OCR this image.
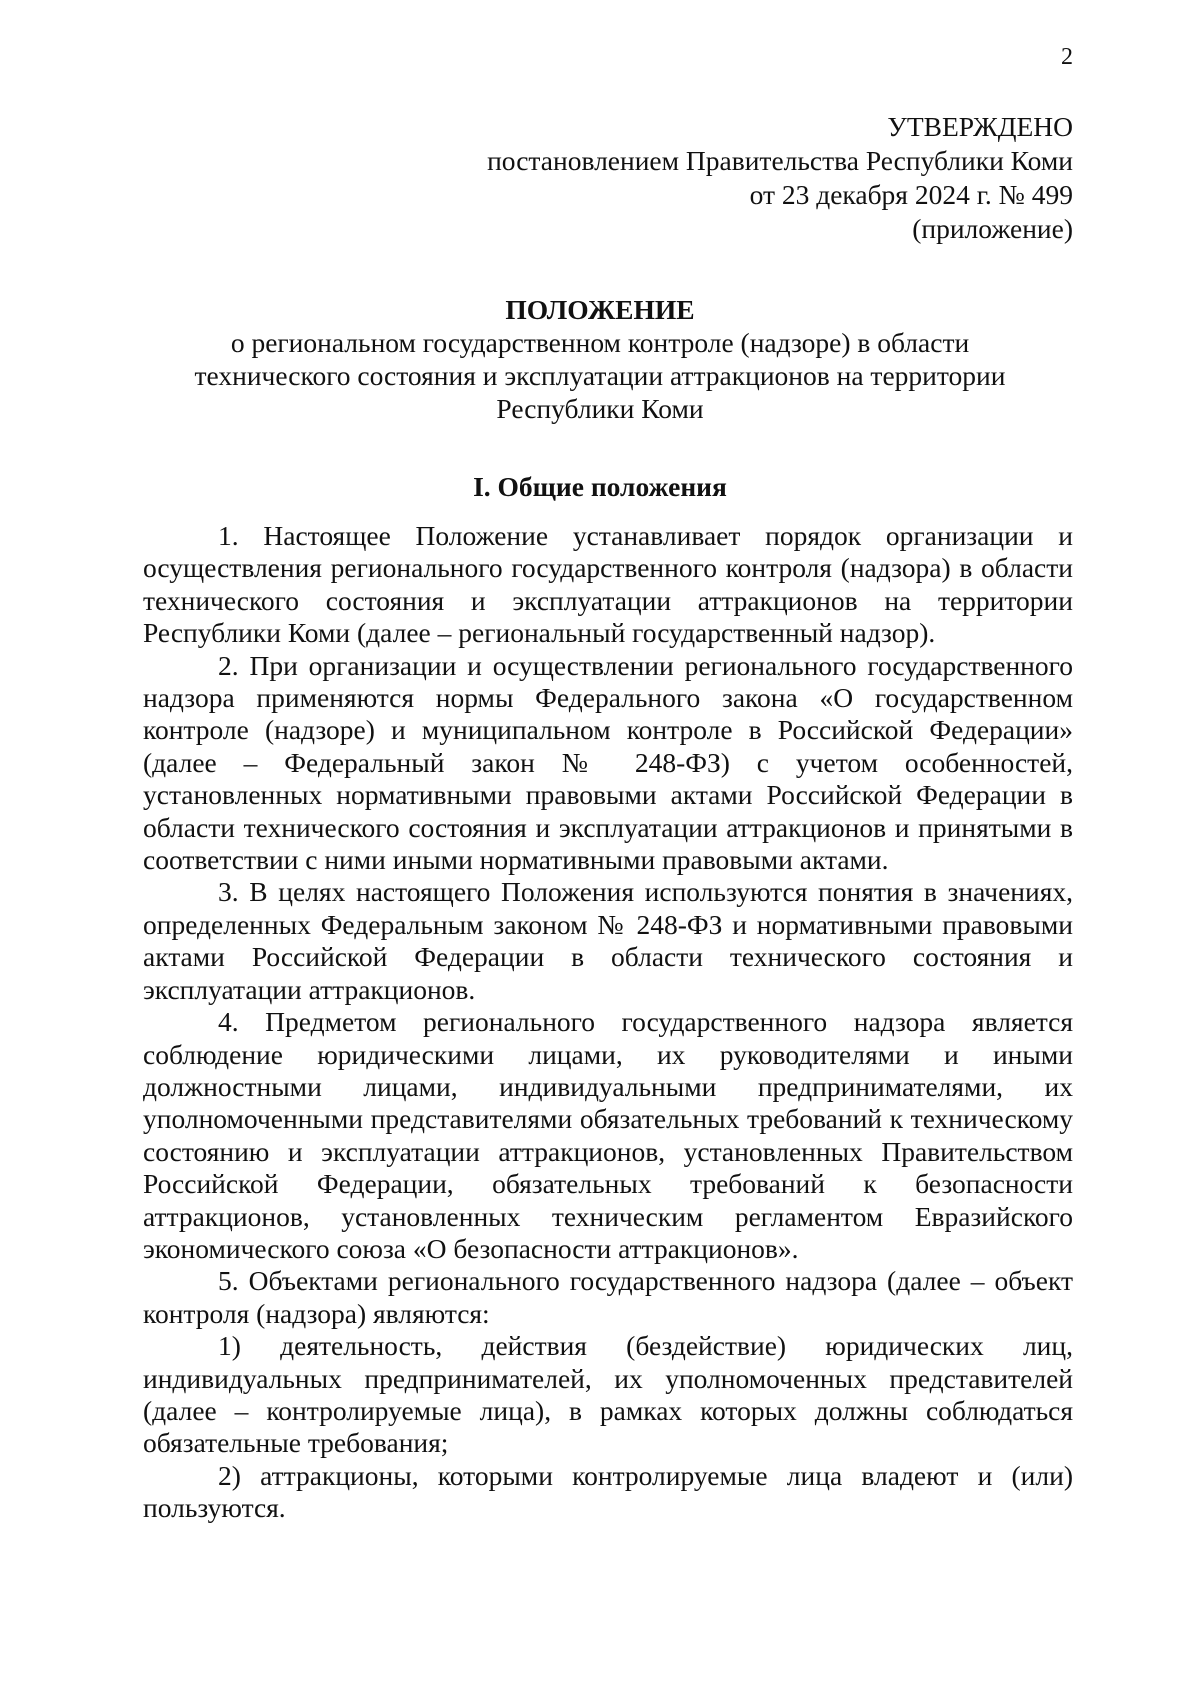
2
УТВЕРЖДЕНО
постановлением Правительства Республики Коми
от 23 декабря 2024 г. № 499
(приложение)
ПОЛОЖЕНИЕ
о региональном государственном контроле (надзоре) в области
технического состояния и эксплуатации аттракционов на территории
Республики Коми
I. Общие положения

1. Настоящее Положение устанавливает порядок организации и осуществления регионального государственного контроля (надзора) в области технического состояния и эксплуатации аттракционов на территории Республики Коми (далее – региональный государственный надзор).

2. При организации и осуществлении регионального государственного надзора применяются нормы Федерального закона «О государственном контроле (надзоре) и муниципальном контроле в Российской Федерации» (далее – Федеральный закон № 248-ФЗ) с учетом особенностей, установленных нормативными правовыми актами Российской Федерации в области технического состояния и эксплуатации аттракционов и принятыми в соответствии с ними иными нормативными правовыми актами.

3. В целях настоящего Положения используются понятия в значениях, определенных Федеральным законом № 248-ФЗ и нормативными правовыми актами Российской Федерации в области технического состояния и эксплуатации аттракционов.

4. Предметом регионального государственного надзора является соблюдение юридическими лицами, их руководителями и иными должностными лицами, индивидуальными предпринимателями, их уполномоченными представителями обязательных требований к техническому состоянию и эксплуатации аттракционов, установленных Правительством Российской Федерации, обязательных требований к безопасности аттракционов, установленных техническим регламентом Евразийского экономического союза «О безопасности аттракционов».

5. Объектами регионального государственного надзора (далее – объект контроля (надзора) являются:

1) деятельность, действия (бездействие) юридических лиц, индивидуальных предпринимателей, их уполномоченных представителей (далее – контролируемые лица), в рамках которых должны соблюдаться обязательные требования;

2) аттракционы, которыми контролируемые лица владеют и (или) пользуются.
